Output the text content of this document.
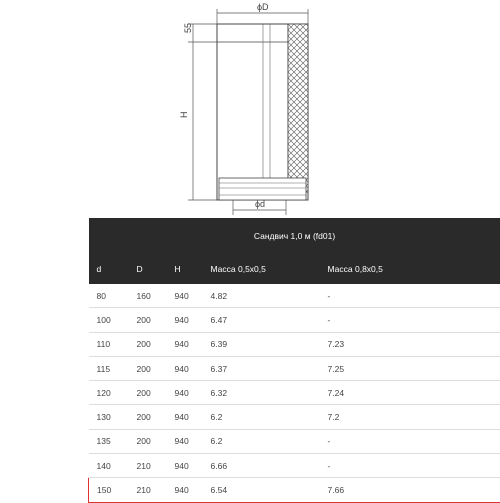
ϕD
55
H
ϕd
Сандвич 1,0 м (fd01)				
d	D	H	Масса 0,5х0,5	Масса 0,8х0,5
80	160	940	4.82	-
100	200	940	6.47	-
110	200	940	6.39	7.23
115	200	940	6.37	7.25
120	200	940	6.32	7.24
130	200	940	6.2	7.2
135	200	940	6.2	-
140	210	940	6.66	-
150	210	940	6.54	7.66
